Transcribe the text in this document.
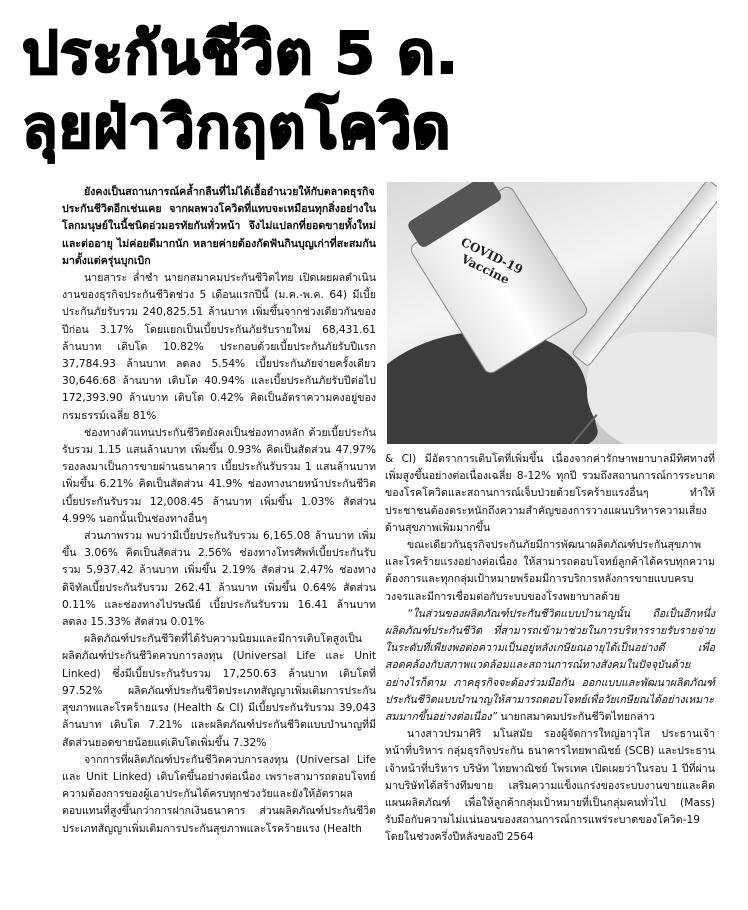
ประกันชีวิต 5 ด.
ลุยฝ่าวิกฤตโควิด
COVID-19 Vaccine

ยังคงเป็นสถานการณ์คล้ำกลืนที่ไม่ได้เอื้ออำนวยให้กับตลาดธุรกิจประกันชีวิตอีกเช่นเคย จากผลพวงโควิดที่แทบจะเหมือนทุกสิ่งอย่างในโลกมนุษย์ในนี้ชนิดอ่วมอรทัยกันทั่วหน้า จึงไม่แปลกที่ยอดขายทั้งใหม่และต่ออายุ ไม่ค่อยดีมากนัก หลายค่ายต้องกัดฟันกินบุญเก่าที่สะสมกันมาตั้งแต่ครุ่นบุกเบิก

นายสาระ ล่ำซำ นายกสมาคมประกันชีวิตไทย เปิดเผยผลดำเนินงานของธุรกิจประกันชีวิตช่วง 5 เดือนแรกปีนี้ (ม.ค.-พ.ค. 64) มีเบี้ยประกันภัยรับรวม 240,825.51 ล้านบาท เพิ่มขึ้นจากช่วงเดียวกันของปีก่อน 3.17% โดยแยกเป็นเบี้ยประกันภัยรับรายใหม่ 68,431.61 ล้านบาท เติบโต 10.82% ประกอบด้วยเบี้ยประกันภัยรับปีแรก 37,784.93 ล้านบาท ลดลง 5.54% เบี้ยประกันภัยจ่ายครั้งเดียว 30,646.68 ล้านบาท เติบโต 40.94% และเบี้ยประกันภัยรับปีต่อไป 172,393.90 ล้านบาท เติบโต 0.42% คิดเป็นอัตราความคงอยู่ของกรมธรรม์เฉลี่ย 81%

ช่องทางตัวแทนประกันชีวิตยังคงเป็นช่องทางหลัก ด้วยเบี้ยประกันรับรวม 1.15 แสนล้านบาท เพิ่มขึ้น 0.93% คิดเป็นสัดส่วน 47.97% รองลงมาเป็นการขายผ่านธนาคาร เบี้ยประกันรับรวม 1 แสนล้านบาท เพิ่มขึ้น 6.21% คิดเป็นสัดส่วน 41.9% ช่องทางนายหน้าประกันชีวิตเบี้ยประกันรับรวม 12,008.45 ล้านบาท เพิ่มขึ้น 1.03% สัดส่วน 4.99% นอกนั้นเป็นช่องทางอื่นๆ

ส่วนภาพรวม พบว่ามีเบี้ยประกันรับรวม 6,165.08 ล้านบาท เพิ่มขึ้น 3.06% คิดเป็นสัดส่วน 2.56% ช่องทางโทรศัพท์เบี้ยประกันรับรวม 5,937.42 ล้านบาท เพิ่มขึ้น 2.19% สัดส่วน 2.47% ช่องทางดิจิทัลเบี้ยประกันรับรวม 262.41 ล้านบาท เพิ่มขึ้น 0.64% สัดส่วน 0.11% และช่องทางไปรษณีย์ เบี้ยประกันรับรวม 16.41 ล้านบาท ลดลง 15.33% สัดส่วน 0.01%

ผลิตภัณฑ์ประกันชีวิตที่ได้รับความนิยมและมีการเติบโตสูงเป็นผลิตภัณฑ์ประกันชีวิตควบการลงทุน (Universal Life และ Unit Linked) ซึ่งมีเบี้ยประกันรับรวม 17,250.63 ล้านบาท เติบโตที่ 97.52% ผลิตภัณฑ์ประกันชีวิตประเภทสัญญาเพิ่มเติมการประกันสุขภาพและโรคร้ายแรง (Health & CI) มีเบี้ยประกันรับรวม 39,043 ล้านบาท เติบโต 7.21% และผลิตภัณฑ์ประกันชีวิตแบบบำนาญที่มีสัดส่วนยอดขายน้อยแต่เติบโตเพิ่มขึ้น 7.32%

จากการที่ผลิตภัณฑ์ประกันชีวิตควบการลงทุน (Universal Life และ Unit Linked) เติบโตขึ้นอย่างต่อเนื่อง เพราะสามารถตอบโจทย์ความต้องการของผู้เอาประกันได้ครบทุกช่วงวัยและยังให้อัตราผลตอบแทนที่สูงขึ้นกว่าการฝากเงินธนาคาร ส่วนผลิตภัณฑ์ประกันชีวิตประเภทสัญญาเพิ่มเติมการประกันสุขภาพและโรคร้ายแรง (Health

& CI) มีอัตราการเติบโตที่เพิ่มขึ้น เนื่องจากค่ารักษาพยาบาลมีทิศทางที่เพิ่มสูงขึ้นอย่างต่อเนื่องเฉลี่ย 8-12% ทุกปี รวมถึงสถานการณ์การระบาดของโรคโควิดและสถานการณ์เจ็บป่วยด้วยโรคร้ายแรงอื่นๆ ทำให้ประชาชนต้องตระหนักถึงความสำคัญของการวางแผนบริหารความเสี่ยงด้านสุขภาพเพิ่มมากขึ้น

ขณะเดียวกันธุรกิจประกันภัยมีการพัฒนาผลิตภัณฑ์ประกันสุขภาพและโรคร้ายแรงอย่างต่อเนื่อง ให้สามารถตอบโจทย์ลูกค้าได้ครบทุกความต้องการและทุกกลุ่มเป้าหมายพร้อมมีการบริการหลังการขายแบบครบวงจรและมีการเชื่อมต่อกับระบบของโรงพยาบาลด้วย

“ในส่วนของผลิตภัณฑ์ประกันชีวิตแบบบำนาญนั้น ถือเป็นอีกหนึ่งผลิตภัณฑ์ประกันชีวิต ที่สามารถเข้ามาช่วยในการบริหารรายรับรายจ่ายในระดับที่เพียงพอต่อความเป็นอยู่หลังเกษียณอายุได้เป็นอย่างดี เพื่อสอดคล้องกับสภาพแวดล้อมและสถานการณ์ทางสังคมในปัจจุบันด้วย อย่างไรก็ตาม ภาคธุรกิจจะต้องร่วมมือกัน ออกแบบและพัฒนาผลิตภัณฑ์ประกันชีวิตแบบบำนาญให้สามารถตอบโจทย์เพื่อวัยเกษียณได้อย่างเหมาะสมมากขึ้นอย่างต่อเนื่อง” นายกสมาคมประกันชีวิตไทยกล่าว

นางสาวปรมาศิริ มโนสมัย รองผู้จัดการใหญ่อาวุโส ประธานเจ้าหน้าที่บริหาร กลุ่มธุรกิจประกัน ธนาคารไทยพาณิชย์ (SCB) และประธานเจ้าหน้าที่บริหาร บริษัท ไทยพาณิชย์ โพรเทค เปิดเผยว่าในรอบ 1 ปีที่ผ่านมาบริษัทได้สร้างทีมขาย เสริมความแข็งแกร่งของระบบงานขายและคิดแผนผลิตภัณฑ์ เพื่อให้ลูกค้ากลุ่มเป้าหมายที่เป็นกลุ่มคนทั่วไป (Mass) รับมือกับความไม่แน่นอนของสถานการณ์การแพร่ระบาดของโควิด-19 โดยในช่วงครึ่งปีหลังของปี 2564
